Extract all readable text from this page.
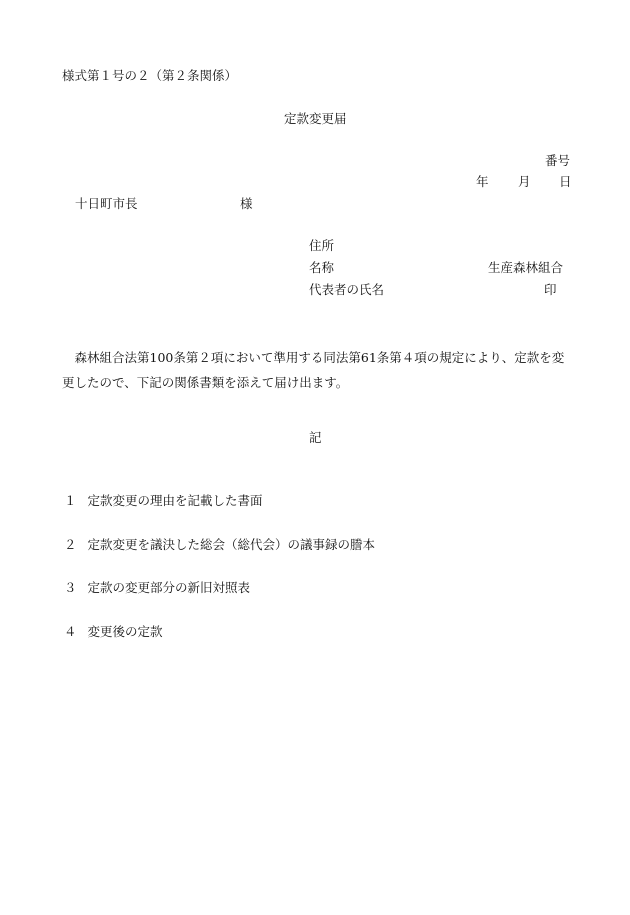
様式第１号の２（第２条関係）
定款変更届
番号
年 月 日
十日町市長	様
住所
名称	生産森林組合
代表者の氏名	印
森林組合法第100条第２項において準用する同法第61条第４項の規定により、定款を変更したので、下記の関係書類を添えて届け出ます。
記
１ 定款変更の理由を記載した書面
２ 定款変更を議決した総会（総代会）の議事録の謄本
３ 定款の変更部分の新旧対照表
４ 変更後の定款
